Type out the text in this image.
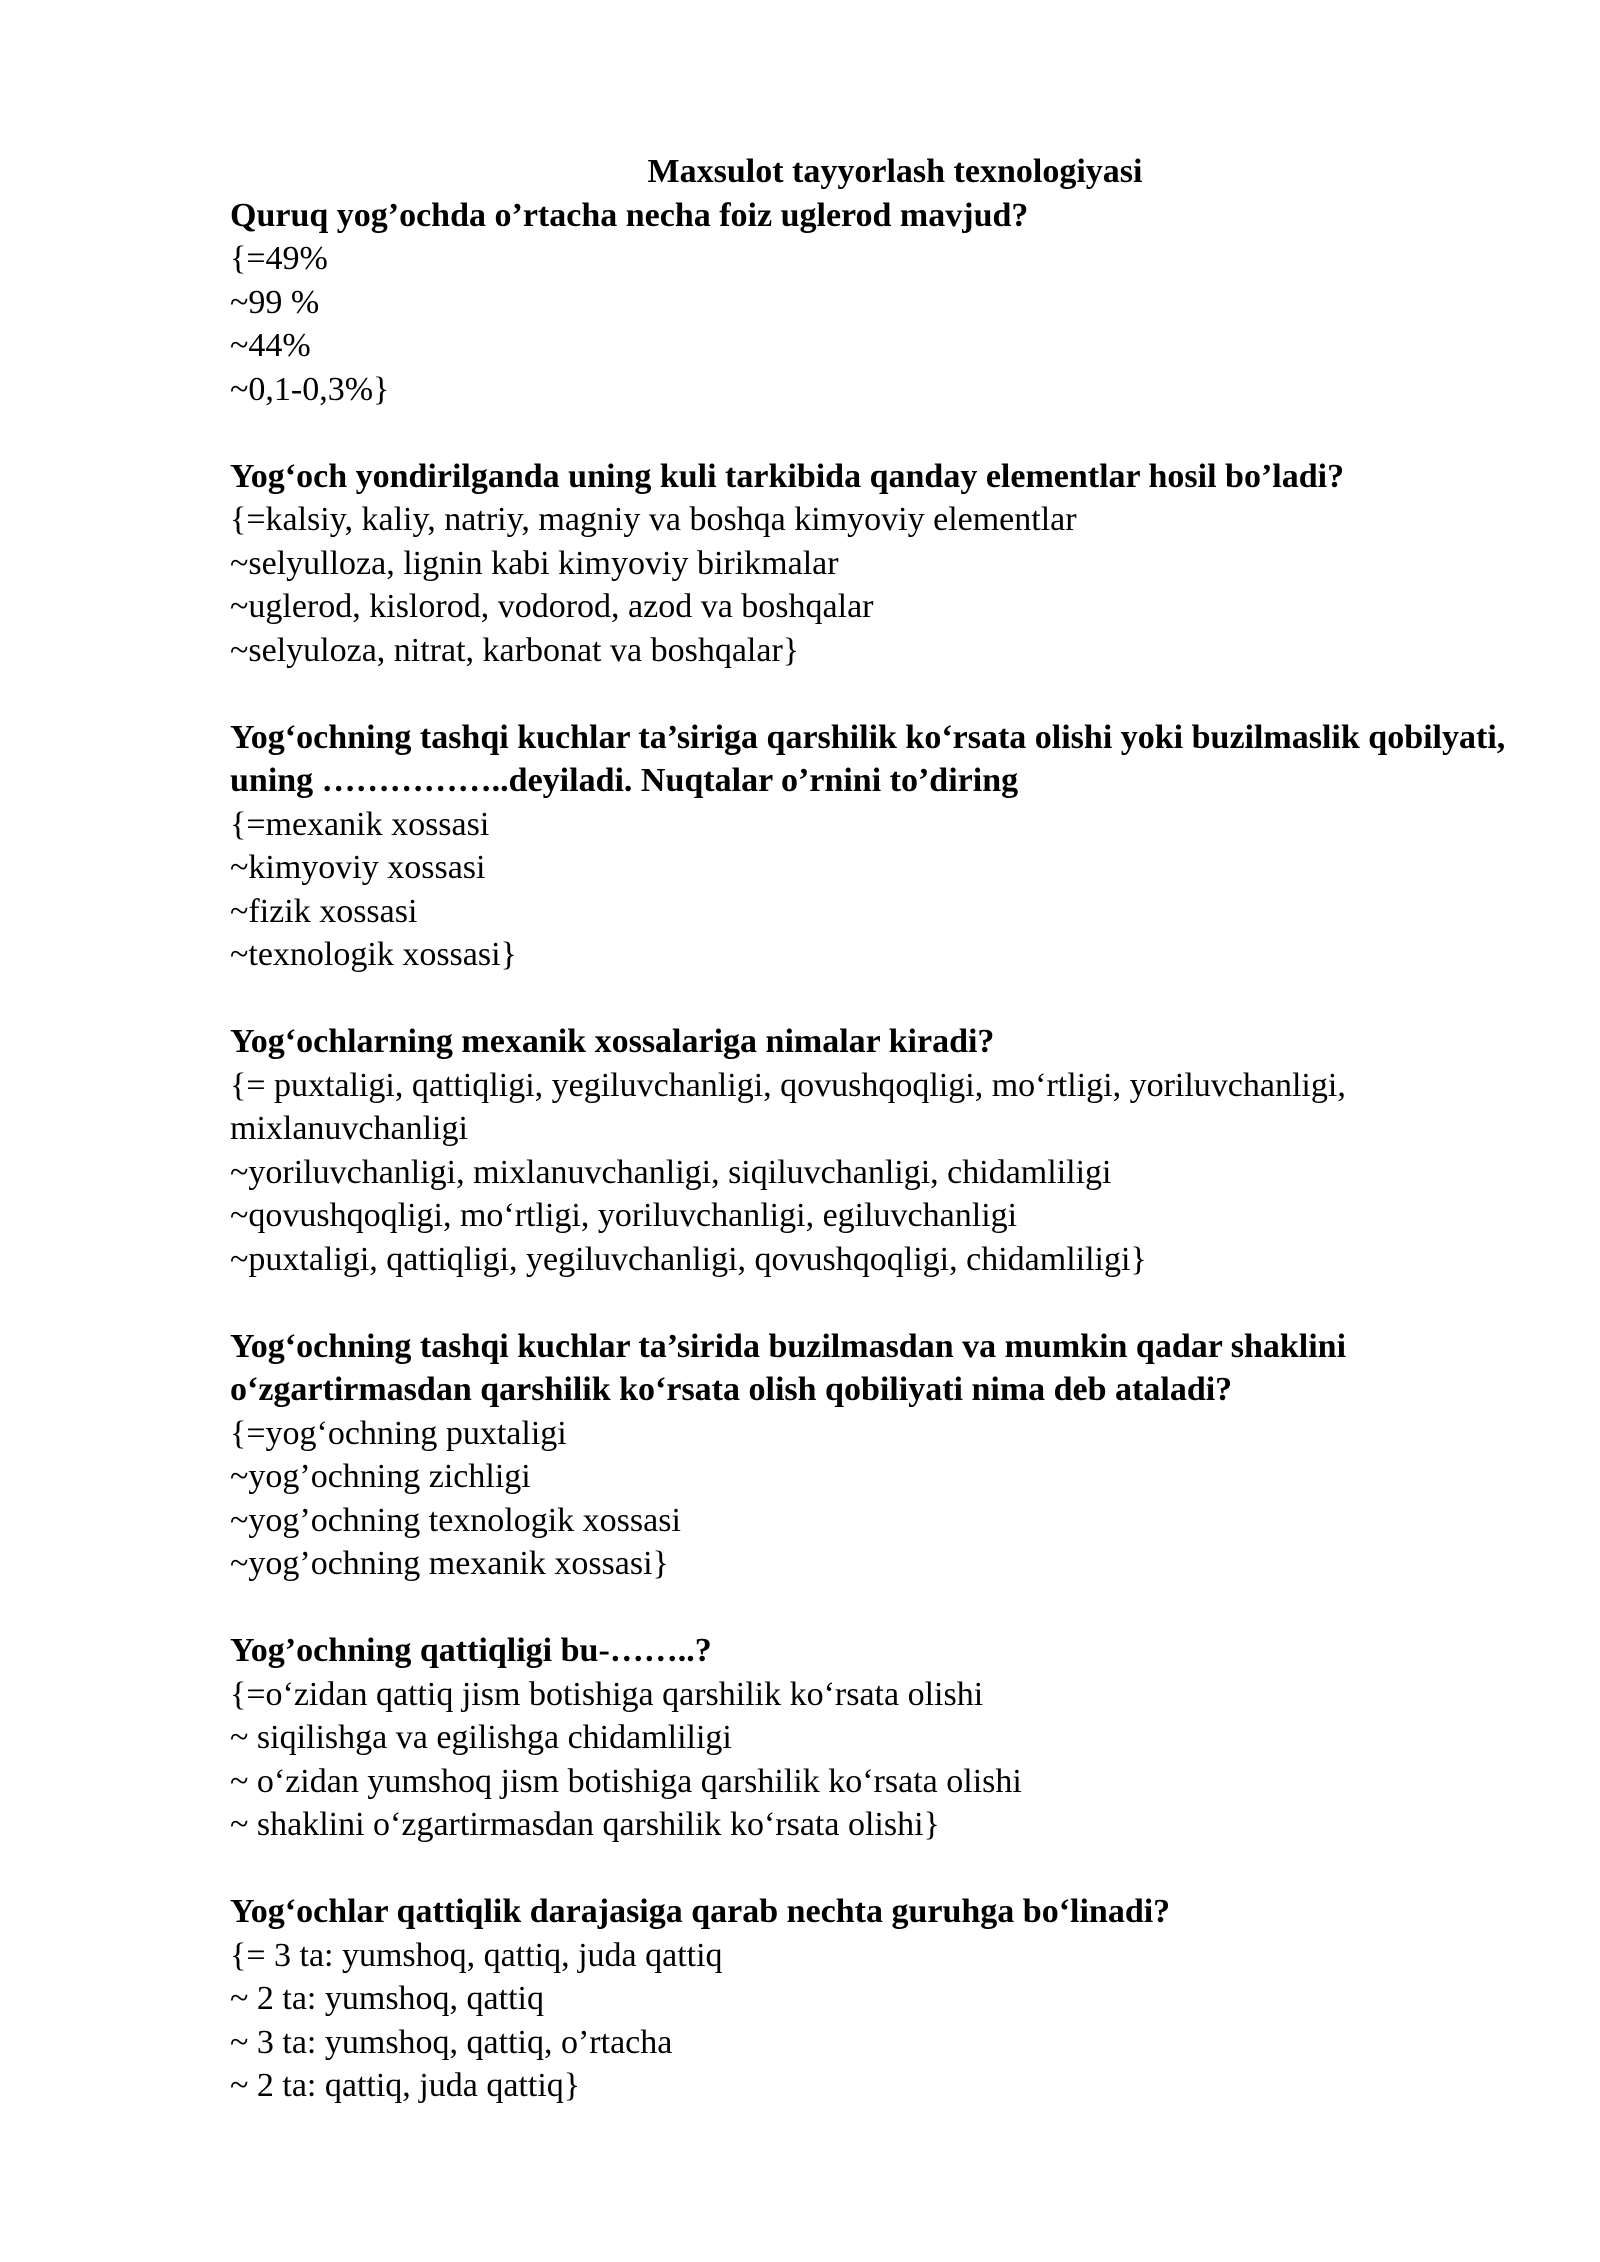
Maxsulot tayyorlash texnologiyasi

Quruq yog’ochda o’rtacha necha foiz uglerod mavjud?

{=49%

~99 %

~44%

~0,1-0,3%}

Yog‘och yondirilganda uning kuli tarkibida qanday elementlar hosil bo’ladi?

{=kalsiy, kaliy, natriy, magniy va boshqa kimyoviy elementlar

~selyulloza, lignin kabi kimyoviy birikmalar

~uglerod, kislorod, vodorod, azod va boshqalar

~selyuloza, nitrat, karbonat va boshqalar}

Yog‘ochning tashqi kuchlar ta’siriga qarshilik ko‘rsata olishi yoki buzilmaslik qobilyati, uning ……………..deyiladi. Nuqtalar o’rnini to’diring

{=mexanik xossasi

~kimyoviy xossasi

~fizik xossasi

~texnologik xossasi}

Yog‘ochlarning mexanik xossalariga nimalar kiradi?

{= puxtaligi, qattiqligi, yegiluvchanligi, qovushqoqligi, mo‘rtligi, yoriluvchanligi, mixlanuvchanligi

~yoriluvchanligi, mixlanuvchanligi, siqiluvchanligi, chidamliligi

~qovushqoqligi, mo‘rtligi, yoriluvchanligi, egiluvchanligi

~puxtaligi, qattiqligi, yegiluvchanligi, qovushqoqligi, chidamliligi}

Yog‘ochning tashqi kuchlar ta’sirida buzilmasdan va mumkin qadar shaklini o‘zgartirmasdan qarshilik ko‘rsata olish qobiliyati nima deb ataladi?

{=yog‘ochning puxtaligi

~yog’ochning zichligi

~yog’ochning texnologik xossasi

~yog’ochning mexanik xossasi}

Yog’ochning qattiqligi bu-……..?

{=o‘zidan qattiq jism botishiga qarshilik ko‘rsata olishi

~ siqilishga va egilishga chidamliligi

~ o‘zidan yumshoq jism botishiga qarshilik ko‘rsata olishi

~ shaklini o‘zgartirmasdan qarshilik ko‘rsata olishi}

Yog‘ochlar qattiqlik darajasiga qarab nechta guruhga bo‘linadi?

{= 3 ta: yumshoq, qattiq, juda qattiq

~ 2 ta: yumshoq, qattiq

~ 3 ta: yumshoq, qattiq, o’rtacha

~ 2 ta: qattiq, juda qattiq}
